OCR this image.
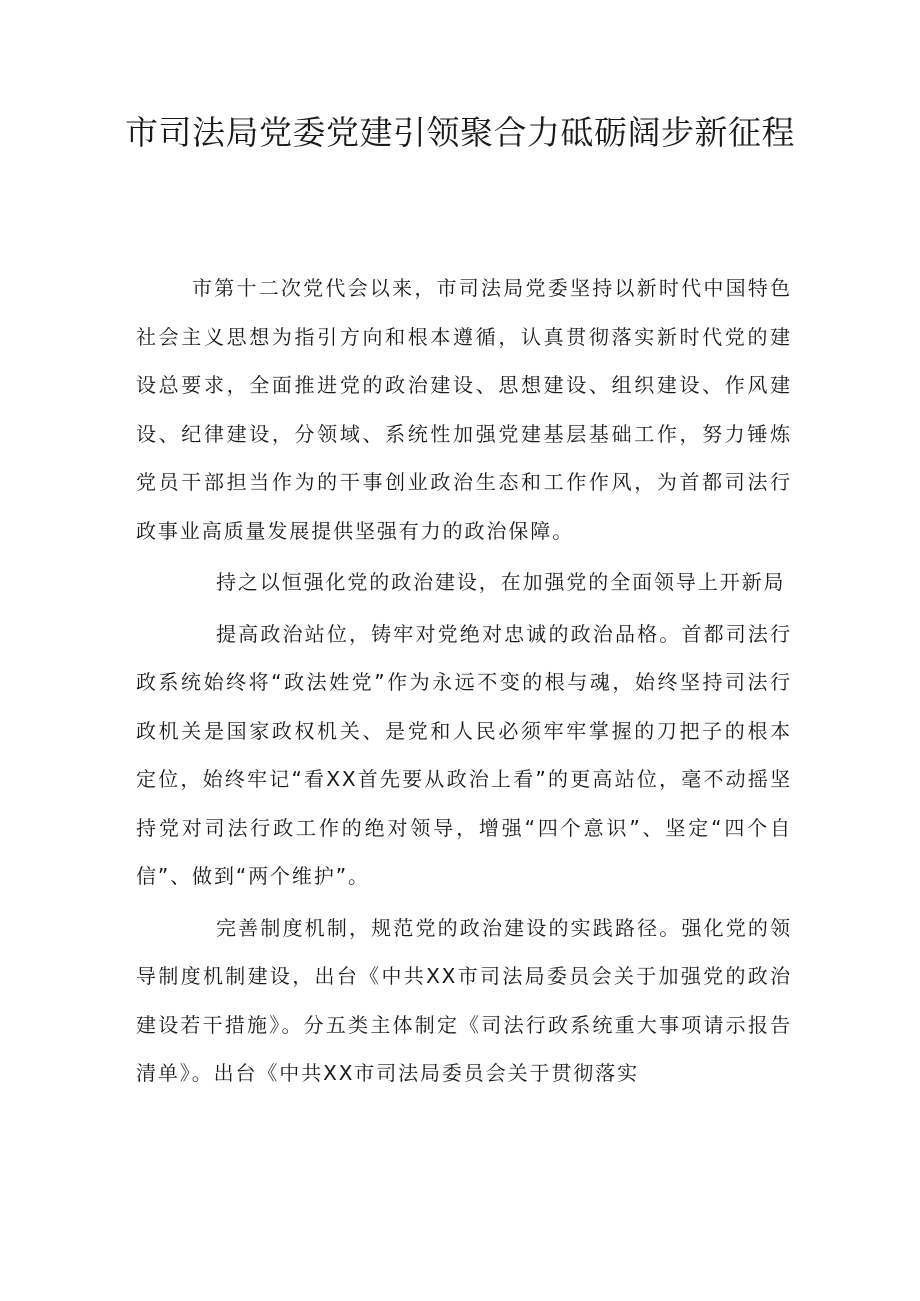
市司法局党委党建引领聚合力砥砺阔步新征程

市第十二次党代会以来，市司法局党委坚持以新时代中国特色社会主义思想为指引方向和根本遵循，认真贯彻落实新时代党的建设总要求，全面推进党的政治建设、思想建设、组织建设、作风建设、纪律建设，分领域、系统性加强党建基层基础工作，努力锤炼党员干部担当作为的干事创业政治生态和工作作风，为首都司法行政事业高质量发展提供坚强有力的政治保障。

持之以恒强化党的政治建设，在加强党的全面领导上开新局

提高政治站位，铸牢对党绝对忠诚的政治品格。首都司法行政系统始终将“政法姓党”作为永远不变的根与魂，始终坚持司法行政机关是国家政权机关、是党和人民必须牢牢掌握的刀把子的根本定位，始终牢记“看XX首先要从政治上看”的更高站位，毫不动摇坚持党对司法行政工作的绝对领导，增强“四个意识”、坚定“四个自信”、做到“两个维护”。

完善制度机制，规范党的政治建设的实践路径。强化党的领导制度机制建设，出台《中共XX市司法局委员会关于加强党的政治建设若干措施》。分五类主体制定《司法行政系统重大事项请示报告清单》。出台《中共XX市司法局委员会关于贯彻落实
